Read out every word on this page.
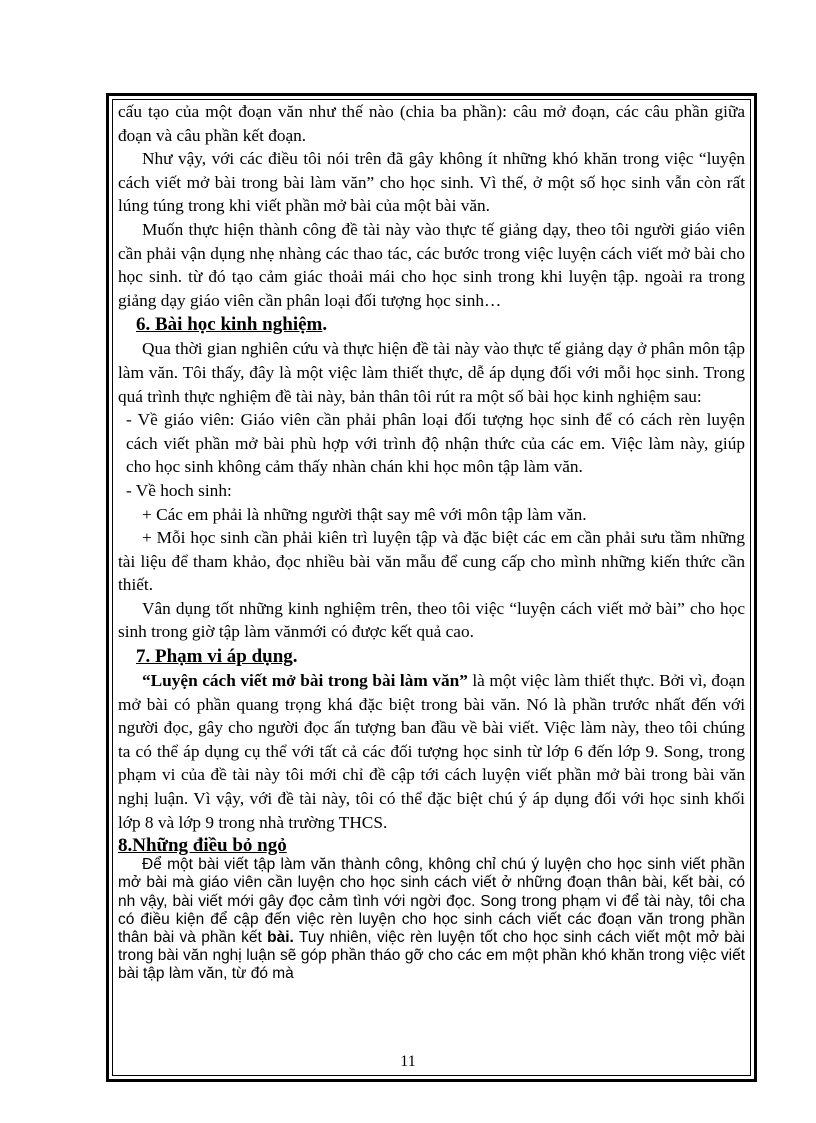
cấu tạo của một đoạn văn như thế nào (chia ba phần): câu mở đoạn, các câu phần giữa đoạn và câu phần kết đoạn.

Như vậy, với các điều tôi nói trên đã gây không ít những khó khăn trong việc “luyện cách viết mở bài trong bài làm văn” cho học sinh. Vì thế, ở một số học sinh vẫn còn rất lúng túng trong khi viết phần mở bài của một bài văn.

Muốn thực hiện thành công đề tài này vào thực tế giảng dạy, theo tôi người giáo viên cần phải vận dụng nhẹ nhàng các thao tác, các bước trong việc luyện cách viết mở bài cho học sinh. từ đó tạo cảm giác thoải mái cho học sinh trong khi luyện tập. ngoài ra trong giảng dạy giáo viên cần phân loại đối tượng học sinh…

6. Bài học kinh nghiệm.

Qua thời gian nghiên cứu và thực hiện đề tài này vào thực tế giảng dạy ở phân môn tập làm văn. Tôi thấy, đây là một việc làm thiết thực, dễ áp dụng đối với mỗi học sinh. Trong quá trình thực nghiệm đề tài này, bản thân tôi rút ra một số bài học kinh nghiệm sau:

- Về giáo viên: Giáo viên cần phải phân loại đối tượng học sinh để có cách rèn luyện cách viết phần mở bài phù hợp với trình độ nhận thức của các em. Việc làm này, giúp cho học sinh không cảm thấy nhàn chán khi học môn tập làm văn.

- Về hoch sinh:

+ Các em phải là những người thật say mê với môn tập làm văn.

+ Mỗi học sinh cần phải kiên trì luyện tập và đặc biệt các em cần phải sưu tầm những tài liệu để tham khảo, đọc nhiều bài văn mẫu để cung cấp cho mình những kiến thức cần thiết.

Vân dụng tốt những kinh nghiệm trên, theo tôi việc “luyện cách viết mở bài” cho học sinh trong giờ tập làm vănmới có được kết quả cao.

7. Phạm vi áp dụng.

“Luyện cách viết mở bài trong bài làm văn” là một việc làm thiết thực. Bởi vì, đoạn mở bài có phần quang trọng khá đặc biệt trong bài văn. Nó là phần trước nhất đến với người đọc, gây cho người đọc ấn tượng ban đầu về bài viết. Việc làm này, theo tôi chúng ta có thể áp dụng cụ thể với tất cả các đối tượng học sinh từ lớp 6 đến lớp 9. Song, trong phạm vi của đề tài này tôi mới chỉ đề cập tới cách luyện viết phần mở bài trong bài văn nghị luận. Vì vậy, với đề tài này, tôi có thể đặc biệt chú ý áp dụng đối với học sinh khối lớp 8 và lớp 9 trong nhà trường THCS.

8.Những điều bỏ ngỏ

Để một bài viết tập làm văn thành công, không chỉ chú ý luyện cho học sinh viết phần mở bài mà giáo viên cần luyện cho học sinh cách viết ở những đoạn thân bài, kết bài, có nh vậy, bài viết mới gây đọc cảm tình với ngời đọc. Song trong phạm vi để tài này, tôi cha có điều kiện để cập đến việc rèn luyện cho học sinh cách viết các đoạn văn trong phần thân bài và phần kết bài. Tuy nhiên, việc rèn luyện tốt cho học sinh cách viết một mở bài trong bài văn nghị luận sẽ góp phần tháo gỡ cho các em một phần khó khăn trong việc viết bài tập làm văn, từ đó mà

11
